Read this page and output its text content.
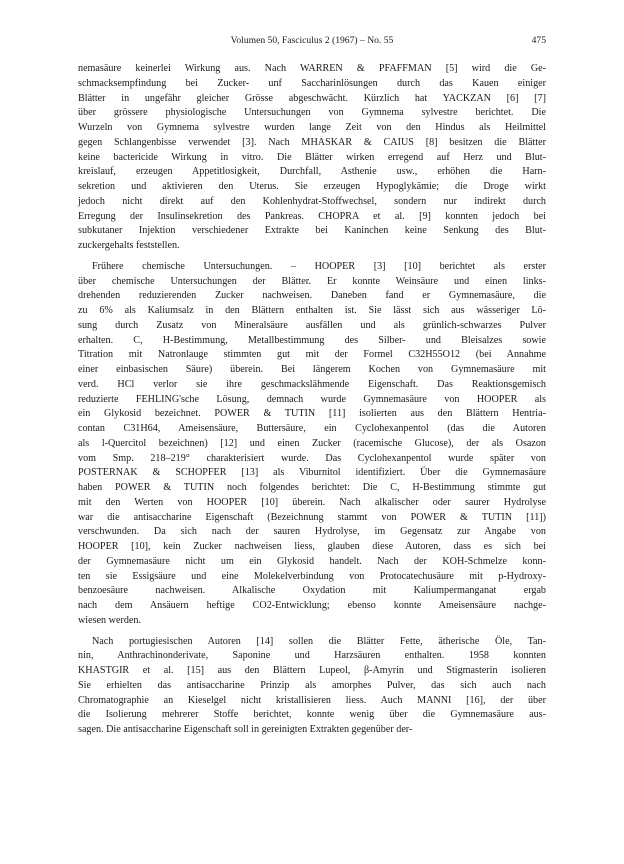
Volumen 50, Fasciculus 2 (1967) – No. 55	475
nemasäure keinerlei Wirkung aus. Nach WARREN & PFAFFMAN [5] wird die Ge-
schmacksempfindung bei Zucker- unf Saccharinlösungen durch das Kauen einiger
Blätter in ungefähr gleicher Grösse abgeschwächt. Kürzlich hat YACKZAN [6] [7]
über grössere physiologische Untersuchungen von Gymnema sylvestre berichtet. Die
Wurzeln von Gymnema sylvestre wurden lange Zeit von den Hindus als Heilmittel
gegen Schlangenbisse verwendet [3]. Nach MHASKAR & CAIUS [8] besitzen die Blätter
keine bactericide Wirkung in vitro. Die Blätter wirken erregend auf Herz und Blut-
kreislauf, erzeugen Appetitlosigkeit, Durchfall, Asthenie usw., erhöhen die Harn-
sekretion und aktivieren den Uterus. Sie erzeugen Hypoglykämie; die Droge wirkt
jedoch nicht direkt auf den Kohlenhydrat-Stoffwechsel, sondern nur indirekt durch
Erregung der Insulinsekretion des Pankreas. CHOPRA et al. [9] konnten jedoch bei
subkutaner Injektion verschiedener Extrakte bei Kaninchen keine Senkung des Blut-
zuckergehalts feststellen.
Frühere chemische Untersuchungen. – HOOPER [3] [10] berichtet als erster
über chemische Untersuchungen der Blätter. Er konnte Weinsäure und einen links-
drehenden reduzierenden Zucker nachweisen. Daneben fand er Gymnemasäure, die
zu 6% als Kaliumsalz in den Blättern enthalten ist. Sie lässt sich aus wässeriger Lö-
sung durch Zusatz von Mineralsäure ausfällen und als grünlich-schwarzes Pulver
erhalten. C, H-Bestimmung, Metallbestimmung des Silber- und Bleisalzes sowie
Titration mit Natronlauge stimmten gut mit der Formel C32H55O12 (bei Annahme
einer einbasischen Säure) überein. Bei längerem Kochen von Gymnemasäure mit
verd. HCl verlor sie ihre geschmackslähmende Eigenschaft. Das Reaktionsgemisch
reduzierte FEHLING'sche Lösung, demnach wurde Gymnemasäure von HOOPER als
ein Glykosid bezeichnet. POWER & TUTIN [11] isolierten aus den Blättern Hentria-
contan C31H64, Ameisensäure, Buttersäure, ein Cyclohexanpentol (das die Autoren
als l-Quercitol bezeichnen) [12] und einen Zucker (racemische Glucose), der als Osazon
vom Smp. 218–219° charakterisiert wurde. Das Cyclohexanpentol wurde später von
POSTERNAK & SCHOPFER [13] als Viburnitol identifiziert. Über die Gymnemasäure
haben POWER & TUTIN noch folgendes berichtet: Die C, H-Bestimmung stimmte gut
mit den Werten von HOOPER [10] überein. Nach alkalischer oder saurer Hydrolyse
war die antisaccharine Eigenschaft (Bezeichnung stammt von POWER & TUTIN [11])
verschwunden. Da sich nach der sauren Hydrolyse, im Gegensatz zur Angabe von
HOOPER [10], kein Zucker nachweisen liess, glauben diese Autoren, dass es sich bei
der Gymnemasäure nicht um ein Glykosid handelt. Nach der KOH-Schmelze konn-
ten sie Essigsäure und eine Molekelverbindung von Protocatechusäure mit p-Hydroxy-
benzoesäure nachweisen. Alkalische Oxydation mit Kaliumpermanganat ergab
nach dem Ansäuern heftige CO2-Entwicklung; ebenso konnte Ameisensäure nachge-
wiesen werden.
Nach portugiesischen Autoren [14] sollen die Blätter Fette, ätherische Öle, Tan-
nin, Anthrachinonderivate, Saponine und Harzsäuren enthalten. 1958 konnten
KHASTGIR et al. [15] aus den Blättern Lupeol, β-Amyrin und Stigmasterin isolieren
Sie erhielten das antisaccharine Prinzip als amorphes Pulver, das sich auch nach
Chromatographie an Kieselgel nicht kristallisieren liess. Auch MANNI [16], der über
die Isolierung mehrerer Stoffe berichtet, konnte wenig über die Gymnemasäure aus-
sagen. Die antisaccharine Eigenschaft soll in gereinigten Extrakten gegenüber der-
